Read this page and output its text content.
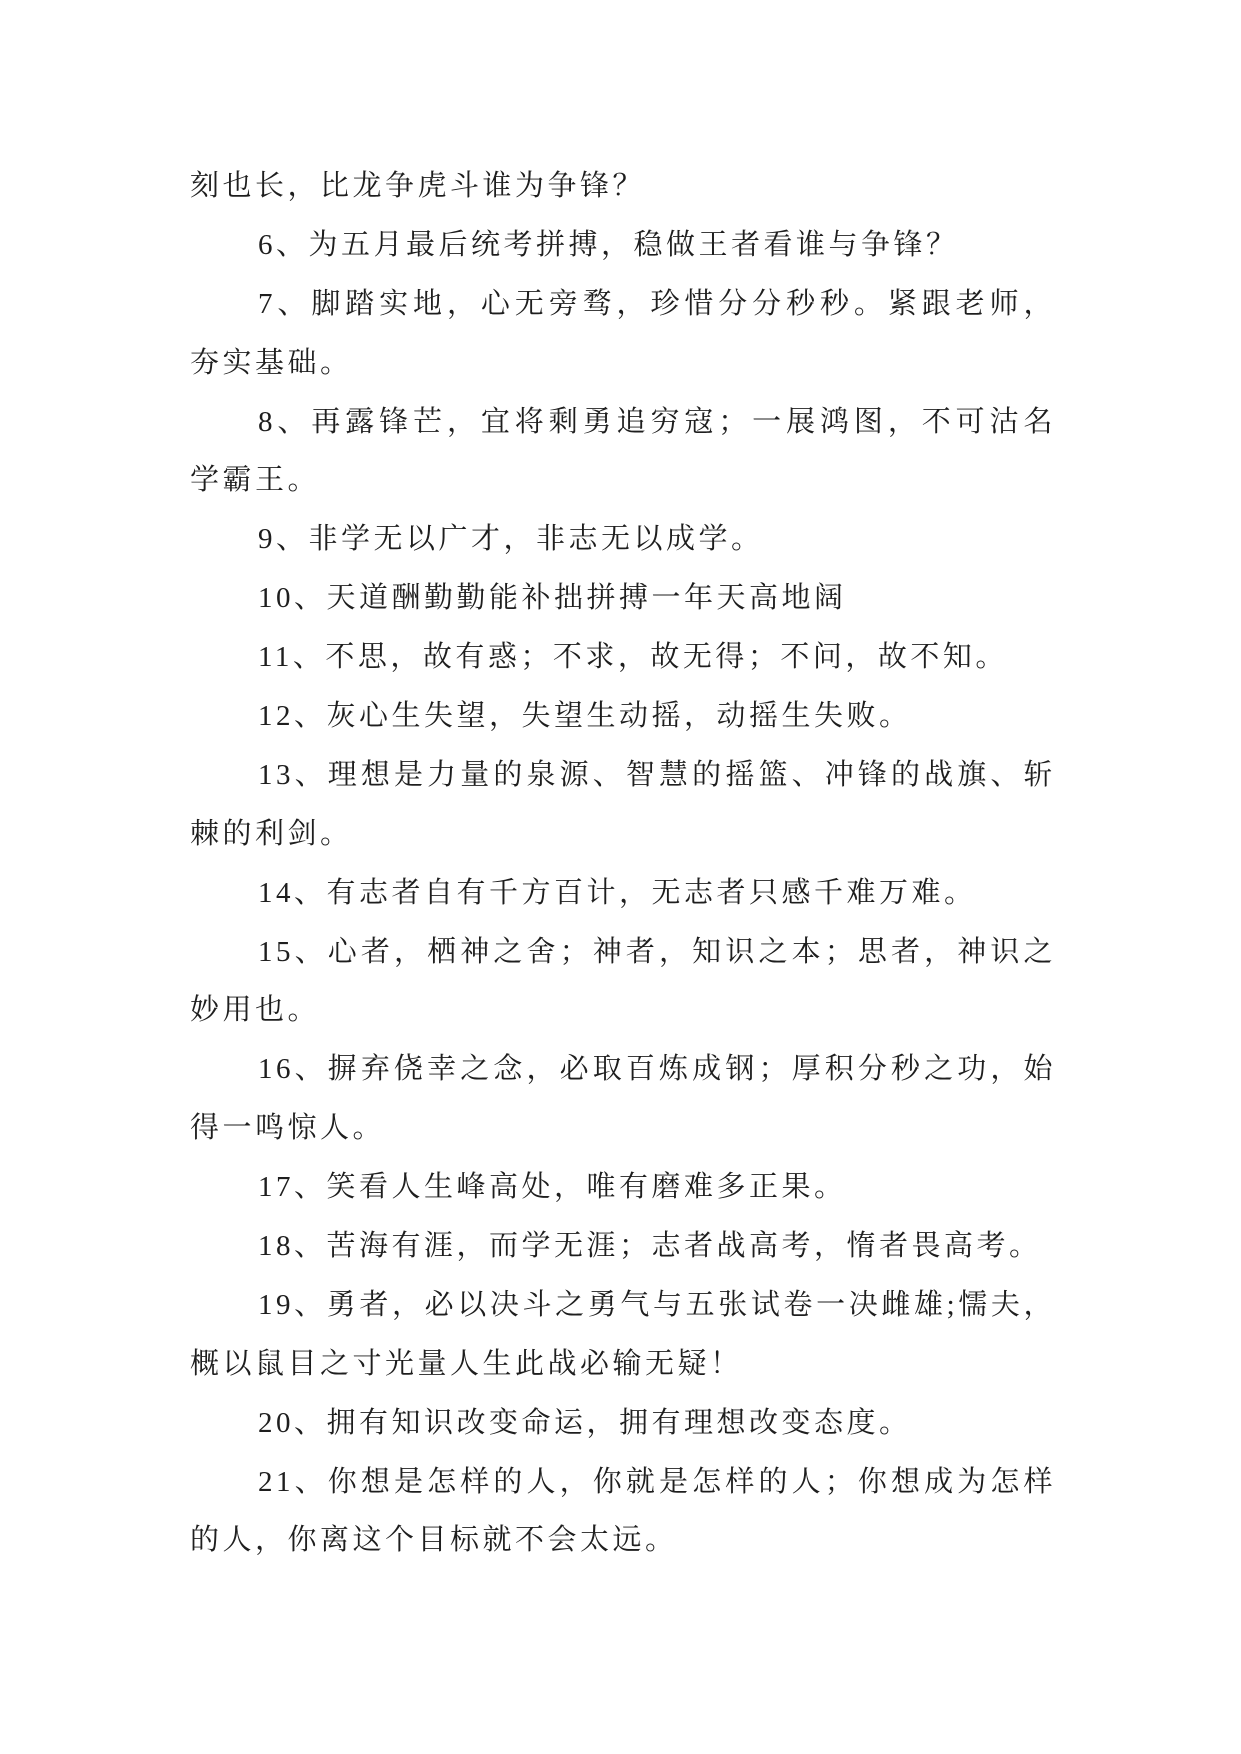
刻也长，比龙争虎斗谁为争锋？
6、为五月最后统考拼搏，稳做王者看谁与争锋？
7、脚踏实地，心无旁骛，珍惜分分秒秒。紧跟老师，
夯实基础。
8、再露锋芒，宜将剩勇追穷寇；一展鸿图，不可沽名
学霸王。
9、非学无以广才，非志无以成学。
10、天道酬勤勤能补拙拼搏一年天高地阔
11、不思，故有惑；不求，故无得；不问，故不知。
12、灰心生失望，失望生动摇，动摇生失败。
13、理想是力量的泉源、智慧的摇篮、冲锋的战旗、斩
棘的利剑。
14、有志者自有千方百计，无志者只感千难万难。
15、心者，栖神之舍；神者，知识之本；思者，神识之
妙用也。
16、摒弃侥幸之念，必取百炼成钢；厚积分秒之功，始
得一鸣惊人。
17、笑看人生峰高处，唯有磨难多正果。
18、苦海有涯，而学无涯；志者战高考，惰者畏高考。
19、勇者，必以决斗之勇气与五张试卷一决雌雄;懦夫，
概以鼠目之寸光量人生此战必输无疑！
20、拥有知识改变命运，拥有理想改变态度。
21、你想是怎样的人，你就是怎样的人；你想成为怎样
的人，你离这个目标就不会太远。
